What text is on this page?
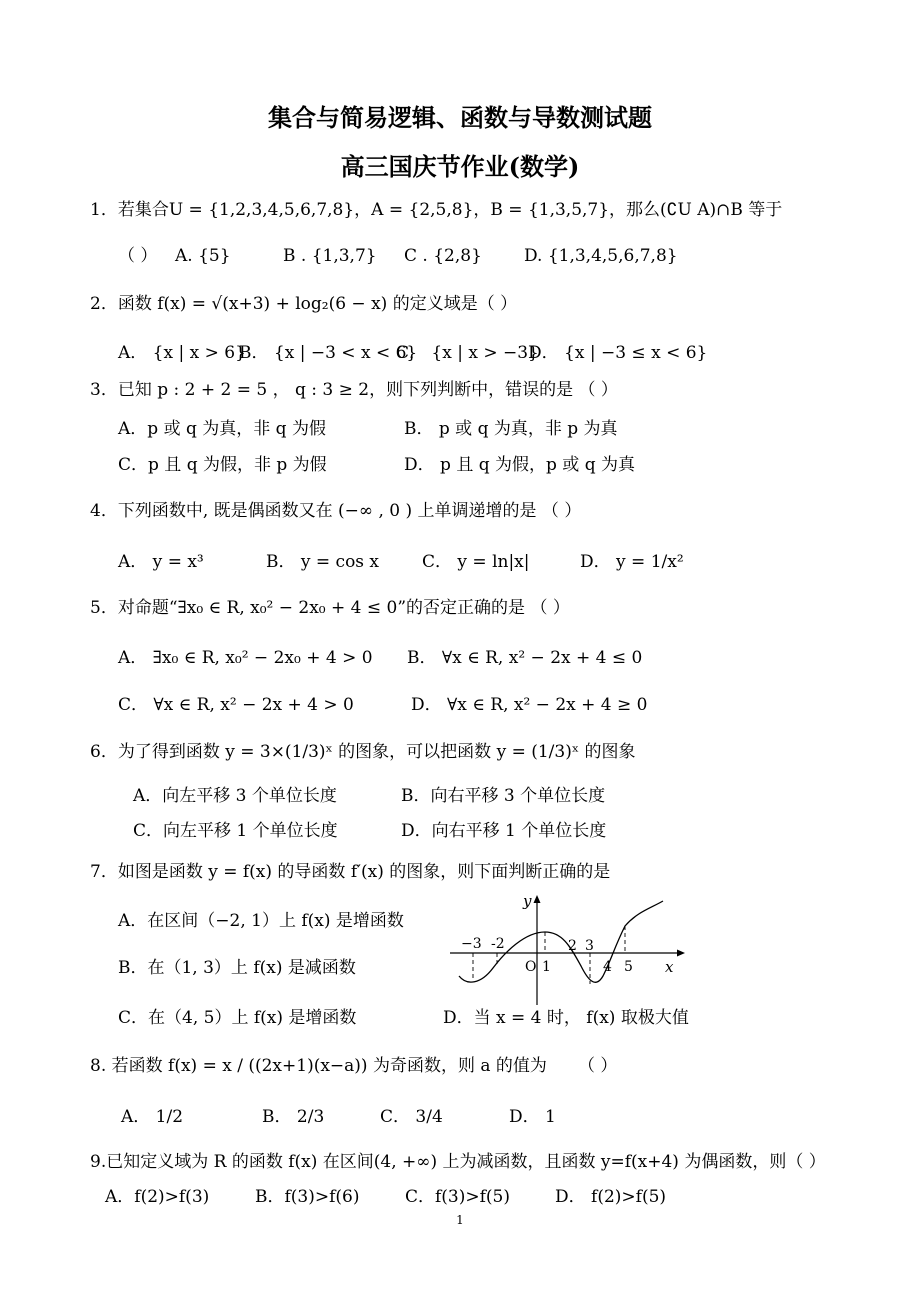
集合与简易逻辑、函数与导数测试题
高三国庆节作业(数学)
1．若集合U = {1,2,3,4,5,6,7,8}，A = {2,5,8}，B = {1,3,5,7}，那么(∁U A)∩B 等于
（ ） A. {5}	B . {1,3,7} C . {2,8} D. {1,3,4,5,6,7,8}
2．函数 f(x) = √(x+3) + log₂(6 − x) 的定义域是（ ）
A． {x | x > 6}
B． {x | −3 < x < 6}
C． {x | x > −3}
D． {x | −3 ≤ x < 6}
3．已知 p : 2 + 2 = 5 ， q : 3 ≥ 2，则下列判断中，错误的是 （ ）
A．p 或 q 为真，非 q 为假	B． p 或 q 为真，非 p 为真
C．p 且 q 为假，非 p 为假	D． p 且 q 为假，p 或 q 为真
4．下列函数中, 既是偶函数又在 (−∞ , 0 ) 上单调递增的是 （ ）
A． y = x³	B． y = cos x	C． y = ln|x|	D． y = 1/x²
5．对命题“∃x₀ ∈ R, x₀² − 2x₀ + 4 ≤ 0”的否定正确的是 （ ）
A． ∃x₀ ∈ R, x₀² − 2x₀ + 4 > 0 B． ∀x ∈ R, x² − 2x + 4 ≤ 0
C． ∀x ∈ R, x² − 2x + 4 > 0	D． ∀x ∈ R, x² − 2x + 4 ≥ 0
6．为了得到函数 y = 3×(1/3)ˣ 的图象，可以把函数 y = (1/3)ˣ 的图象
A．向左平移 3 个单位长度	B．向右平移 3 个单位长度
C．向左平移 1 个单位长度	D．向右平移 1 个单位长度
7．如图是函数 y = f(x) 的导函数 f′(x) 的图象，则下面判断正确的是
A．在区间（−2, 1）上 f(x) 是增函数
B．在（1, 3）上 f(x) 是减函数
C．在（4, 5）上 f(x) 是增函数	D．当 x = 4 时， f(x) 取极大值
y
x
O 1
−3 -2	2 3
4 5
8. 若函数 f(x) = x / ((2x+1)(x−a)) 为奇函数，则 a 的值为 （ ）
A． 1/2	B． 2/3	C． 3/4	D． 1
9.已知定义域为 R 的函数 f(x) 在区间(4, +∞) 上为减函数，且函数 y=f(x+4) 为偶函数，则（ ）
A．f(2)>f(3)	B．f(3)>f(6)	C．f(3)>f(5)	D． f(2)>f(5)
1
